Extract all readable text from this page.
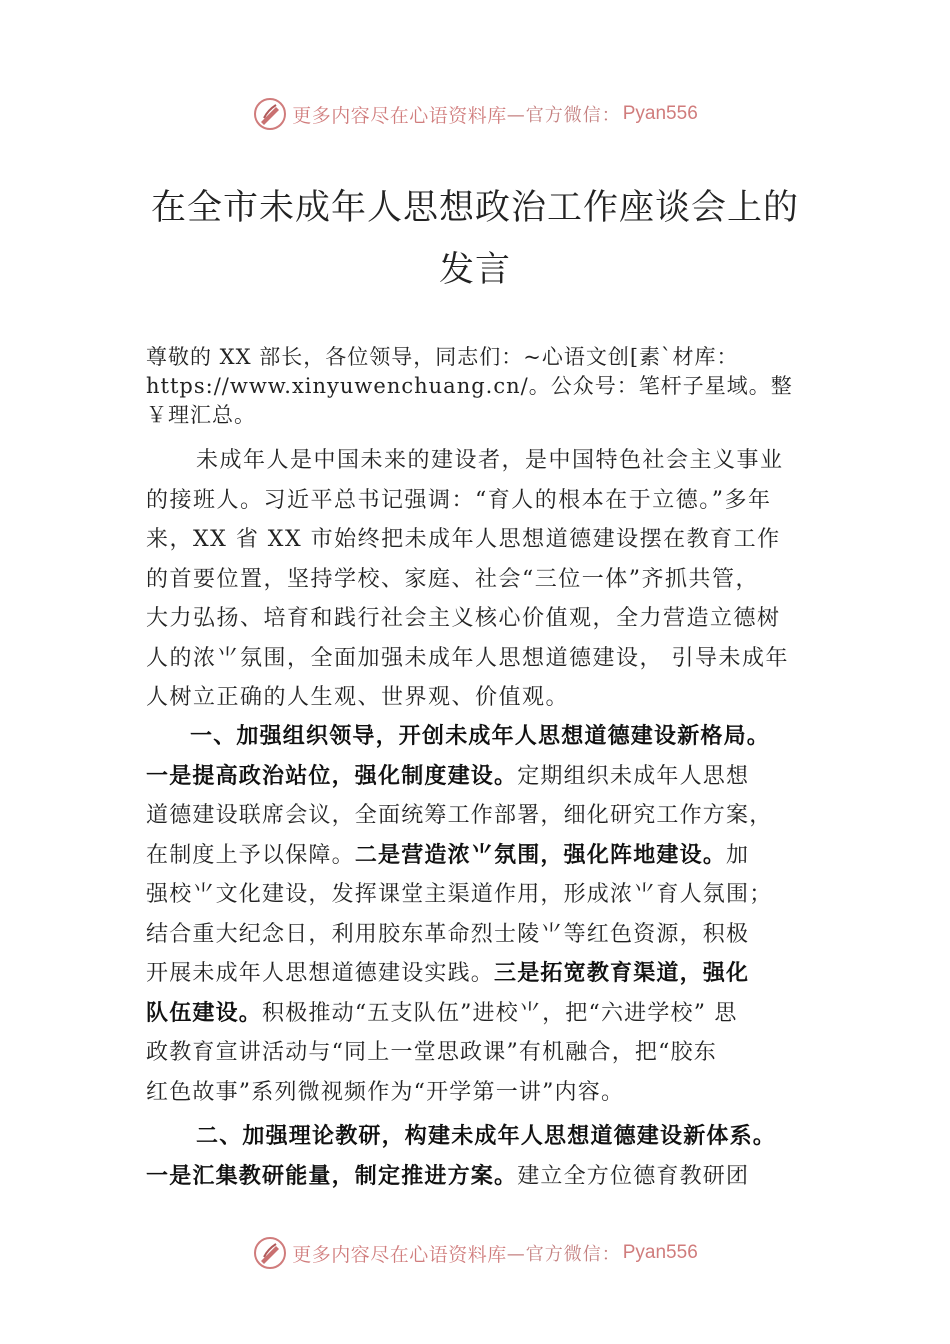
更多内容尽在心语资料库 —官方微信： Pyan556
在全市未成年人思想政治工作座谈会上的
发言
尊敬的 XX 部长，各位领导，同志们：~心语文创[素`材库：
https://www.xinyuwenchuang.cn/。公众号：笔杆子星域。整
￥理汇总。
未成年人是中国未来的建设者，是中国特色社会主义事业
的接班人。习近平总书记强调：“育人的根本在于立德。”多年
来，XX 省 XX 市始终把未成年人思想道德建设摆在教育工作
的首要位置，坚持学校、家庭、社会“三位一体”齐抓共管，
大力弘扬、培育和践行社会主义核心价值观，全力营造立德树
人的浓⺌氛围，全面加强未成年人思想道德建设， 引导未成年
人树立正确的人生观、世界观、价值观。
一、加强组织领导，开创未成年人思想道德建设新格局。
一是提高政治站位，强化制度建设。定期组织未成年人思想
道德建设联席会议，全面统筹工作部署，细化研究工作方案，
在制度上予以保障。二是营造浓⺌氛围，强化阵地建设。加
强校⺌文化建设，发挥课堂主渠道作用，形成浓⺌育人氛围；
结合重大纪念日，利用胶东革命烈士陵⺌等红色资源，积极
开展未成年人思想道德建设实践。三是拓宽教育渠道，强化
队伍建设。积极推动“五支队伍”进校⺌，把“六进学校” 思
政教育宣讲活动与“同上一堂思政课”有机融合，把“胶东
红色故事”系列微视频作为“开学第一讲”内容。
二、加强理论教研，构建未成年人思想道德建设新体系。
一是汇集教研能量，制定推进方案。建立全方位德育教研团
更多内容尽在心语资料库 —官方微信： Pyan556
